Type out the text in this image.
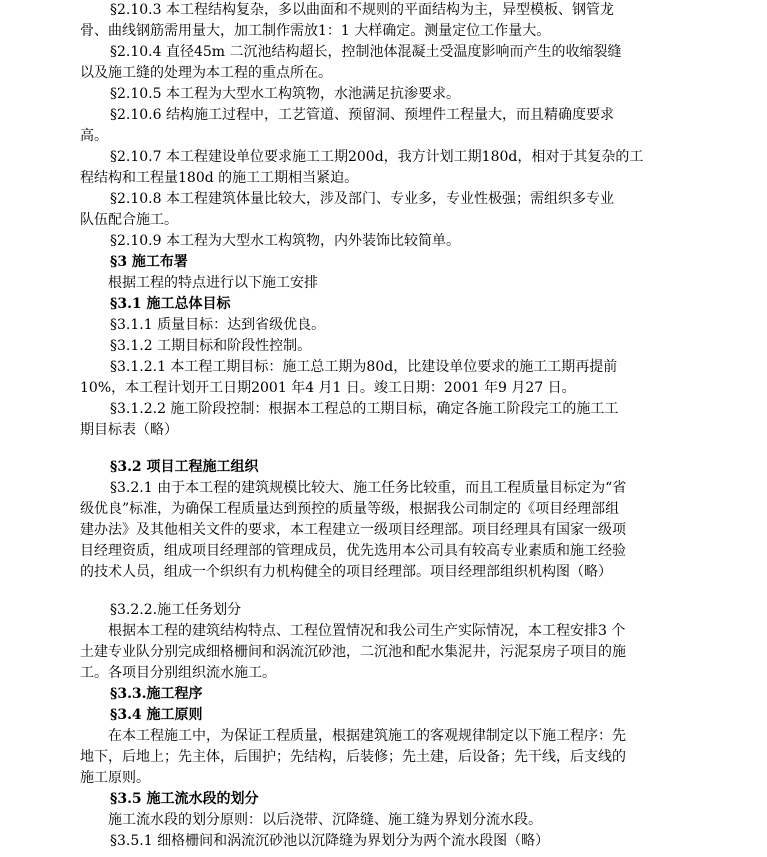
§2.10.3 本工程结构复杂，多以曲面和不规则的平面结构为主，异型模板、钢管龙
骨、曲线钢筋需用量大，加工制作需放1：1 大样确定。测量定位工作量大。
§2.10.4 直径45m 二沉池结构超长，控制池体混凝土受温度影响而产生的收缩裂缝
以及施工缝的处理为本工程的重点所在。
§2.10.5 本工程为大型水工构筑物，水池满足抗渗要求。
§2.10.6 结构施工过程中，工艺管道、预留洞、预埋件工程量大，而且精确度要求
高。
§2.10.7 本工程建设单位要求施工工期200d，我方计划工期180d，相对于其复杂的工
程结构和工程量180d 的施工工期相当紧迫。
§2.10.8 本工程建筑体量比较大，涉及部门、专业多，专业性极强；需组织多专业
队伍配合施工。
§2.10.9 本工程为大型水工构筑物，内外装饰比较简单。
§3 施工布署
根据工程的特点进行以下施工安排
§3.1 施工总体目标
§3.1.1 质量目标：达到省级优良。
§3.1.2 工期目标和阶段性控制。
§3.1.2.1 本工程工期目标：施工总工期为80d，比建设单位要求的施工工期再提前
10%，本工程计划开工日期2001 年4 月1 日。竣工日期：2001 年9 月27 日。
§3.1.2.2 施工阶段控制：根据本工程总的工期目标，确定各施工阶段完工的施工工
期目标表（略）
§3.2 项目工程施工组织
§3.2.1 由于本工程的建筑规模比较大、施工任务比较重，而且工程质量目标定为“省
级优良”标准，为确保工程质量达到预控的质量等级，根据我公司制定的《项目经理部组
建办法》及其他相关文件的要求，本工程建立一级项目经理部。项目经理具有国家一级项
目经理资质，组成项目经理部的管理成员，优先选用本公司具有较高专业素质和施工经验
的技术人员，组成一个织织有力机构健全的项目经理部。项目经理部组织机构图（略）
§3.2.2.施工任务划分
根据本工程的建筑结构特点、工程位置情况和我公司生产实际情况，本工程安排3 个
土建专业队分别完成细格栅间和涡流沉砂池，二沉池和配水集泥井，污泥泵房子项目的施
工。各项目分别组织流水施工。
§3.3.施工程序
§3.4 施工原则
在本工程施工中，为保证工程质量，根据建筑施工的客观规律制定以下施工程序：先
地下，后地上；先主体，后围护；先结构，后装修；先土建，后设备；先干线，后支线的
施工原则。
§3.5 施工流水段的划分
施工流水段的划分原则：以后浇带、沉降缝、施工缝为界划分流水段。
§3.5.1 细格栅间和涡流沉砂池以沉降缝为界划分为两个流水段图（略）
